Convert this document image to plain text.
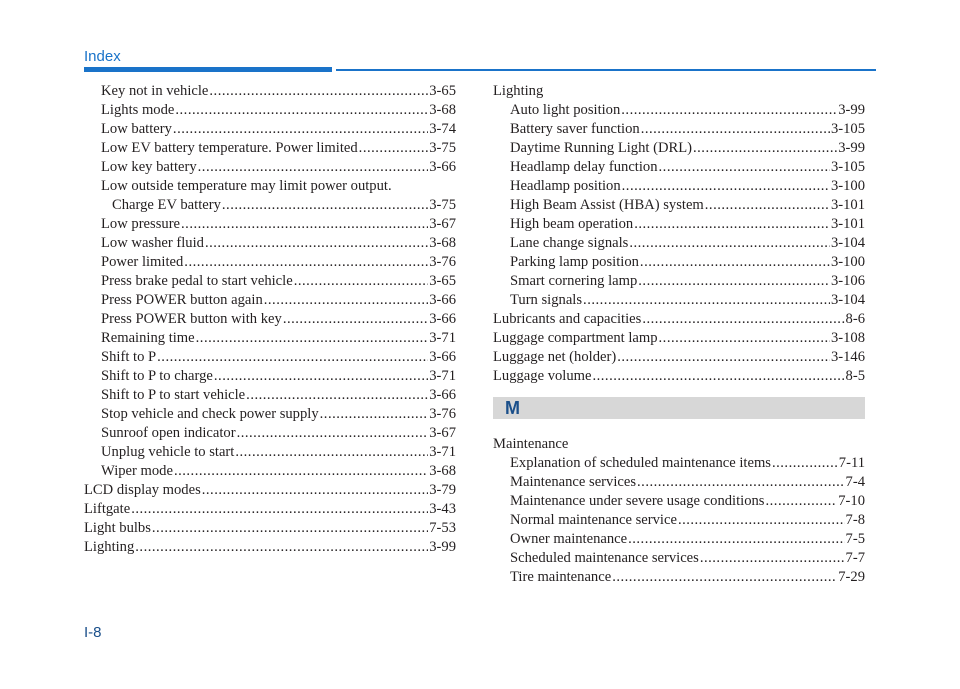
Index
Key not in vehicle .....	3-65
Lights mode .....	3-68
Low battery .....	3-74
Low EV battery temperature. Power limited .....	3-75
Low key battery .....	3-66
Low outside temperature may limit power output.
Charge EV battery .....	3-75
Low pressure .....	3-67
Low washer fluid .....	3-68
Power limited .....	3-76
Press brake pedal to start vehicle .....	3-65
Press POWER button again .....	3-66
Press POWER button with key .....	3-66
Remaining time .....	3-71
Shift to P .....	3-66
Shift to P to charge .....	3-71
Shift to P to start vehicle .....	3-66
Stop vehicle and check power supply .....	3-76
Sunroof open indicator .....	3-67
Unplug vehicle to start .....	3-71
Wiper mode .....	3-68
LCD display modes .....	3-79
Liftgate .....	3-43
Light bulbs .....	7-53
Lighting .....	3-99
Lighting
Auto light position .....	3-99
Battery saver function .....	3-105
Daytime Running Light (DRL) .....	3-99
Headlamp delay function .....	3-105
Headlamp position .....	3-100
High Beam Assist (HBA) system .....	3-101
High beam operation .....	3-101
Lane change signals .....	3-104
Parking lamp position .....	3-100
Smart cornering lamp .....	3-106
Turn signals .....	3-104
Lubricants and capacities .....	8-6
Luggage compartment lamp .....	3-108
Luggage net (holder) .....	3-146
Luggage volume .....	8-5
M
Maintenance
Explanation of scheduled maintenance items .....	7-11
Maintenance services .....	7-4
Maintenance under severe usage conditions .....	7-10
Normal maintenance service .....	7-8
Owner maintenance .....	7-5
Scheduled maintenance services .....	7-7
Tire maintenance .....	7-29

I-8
